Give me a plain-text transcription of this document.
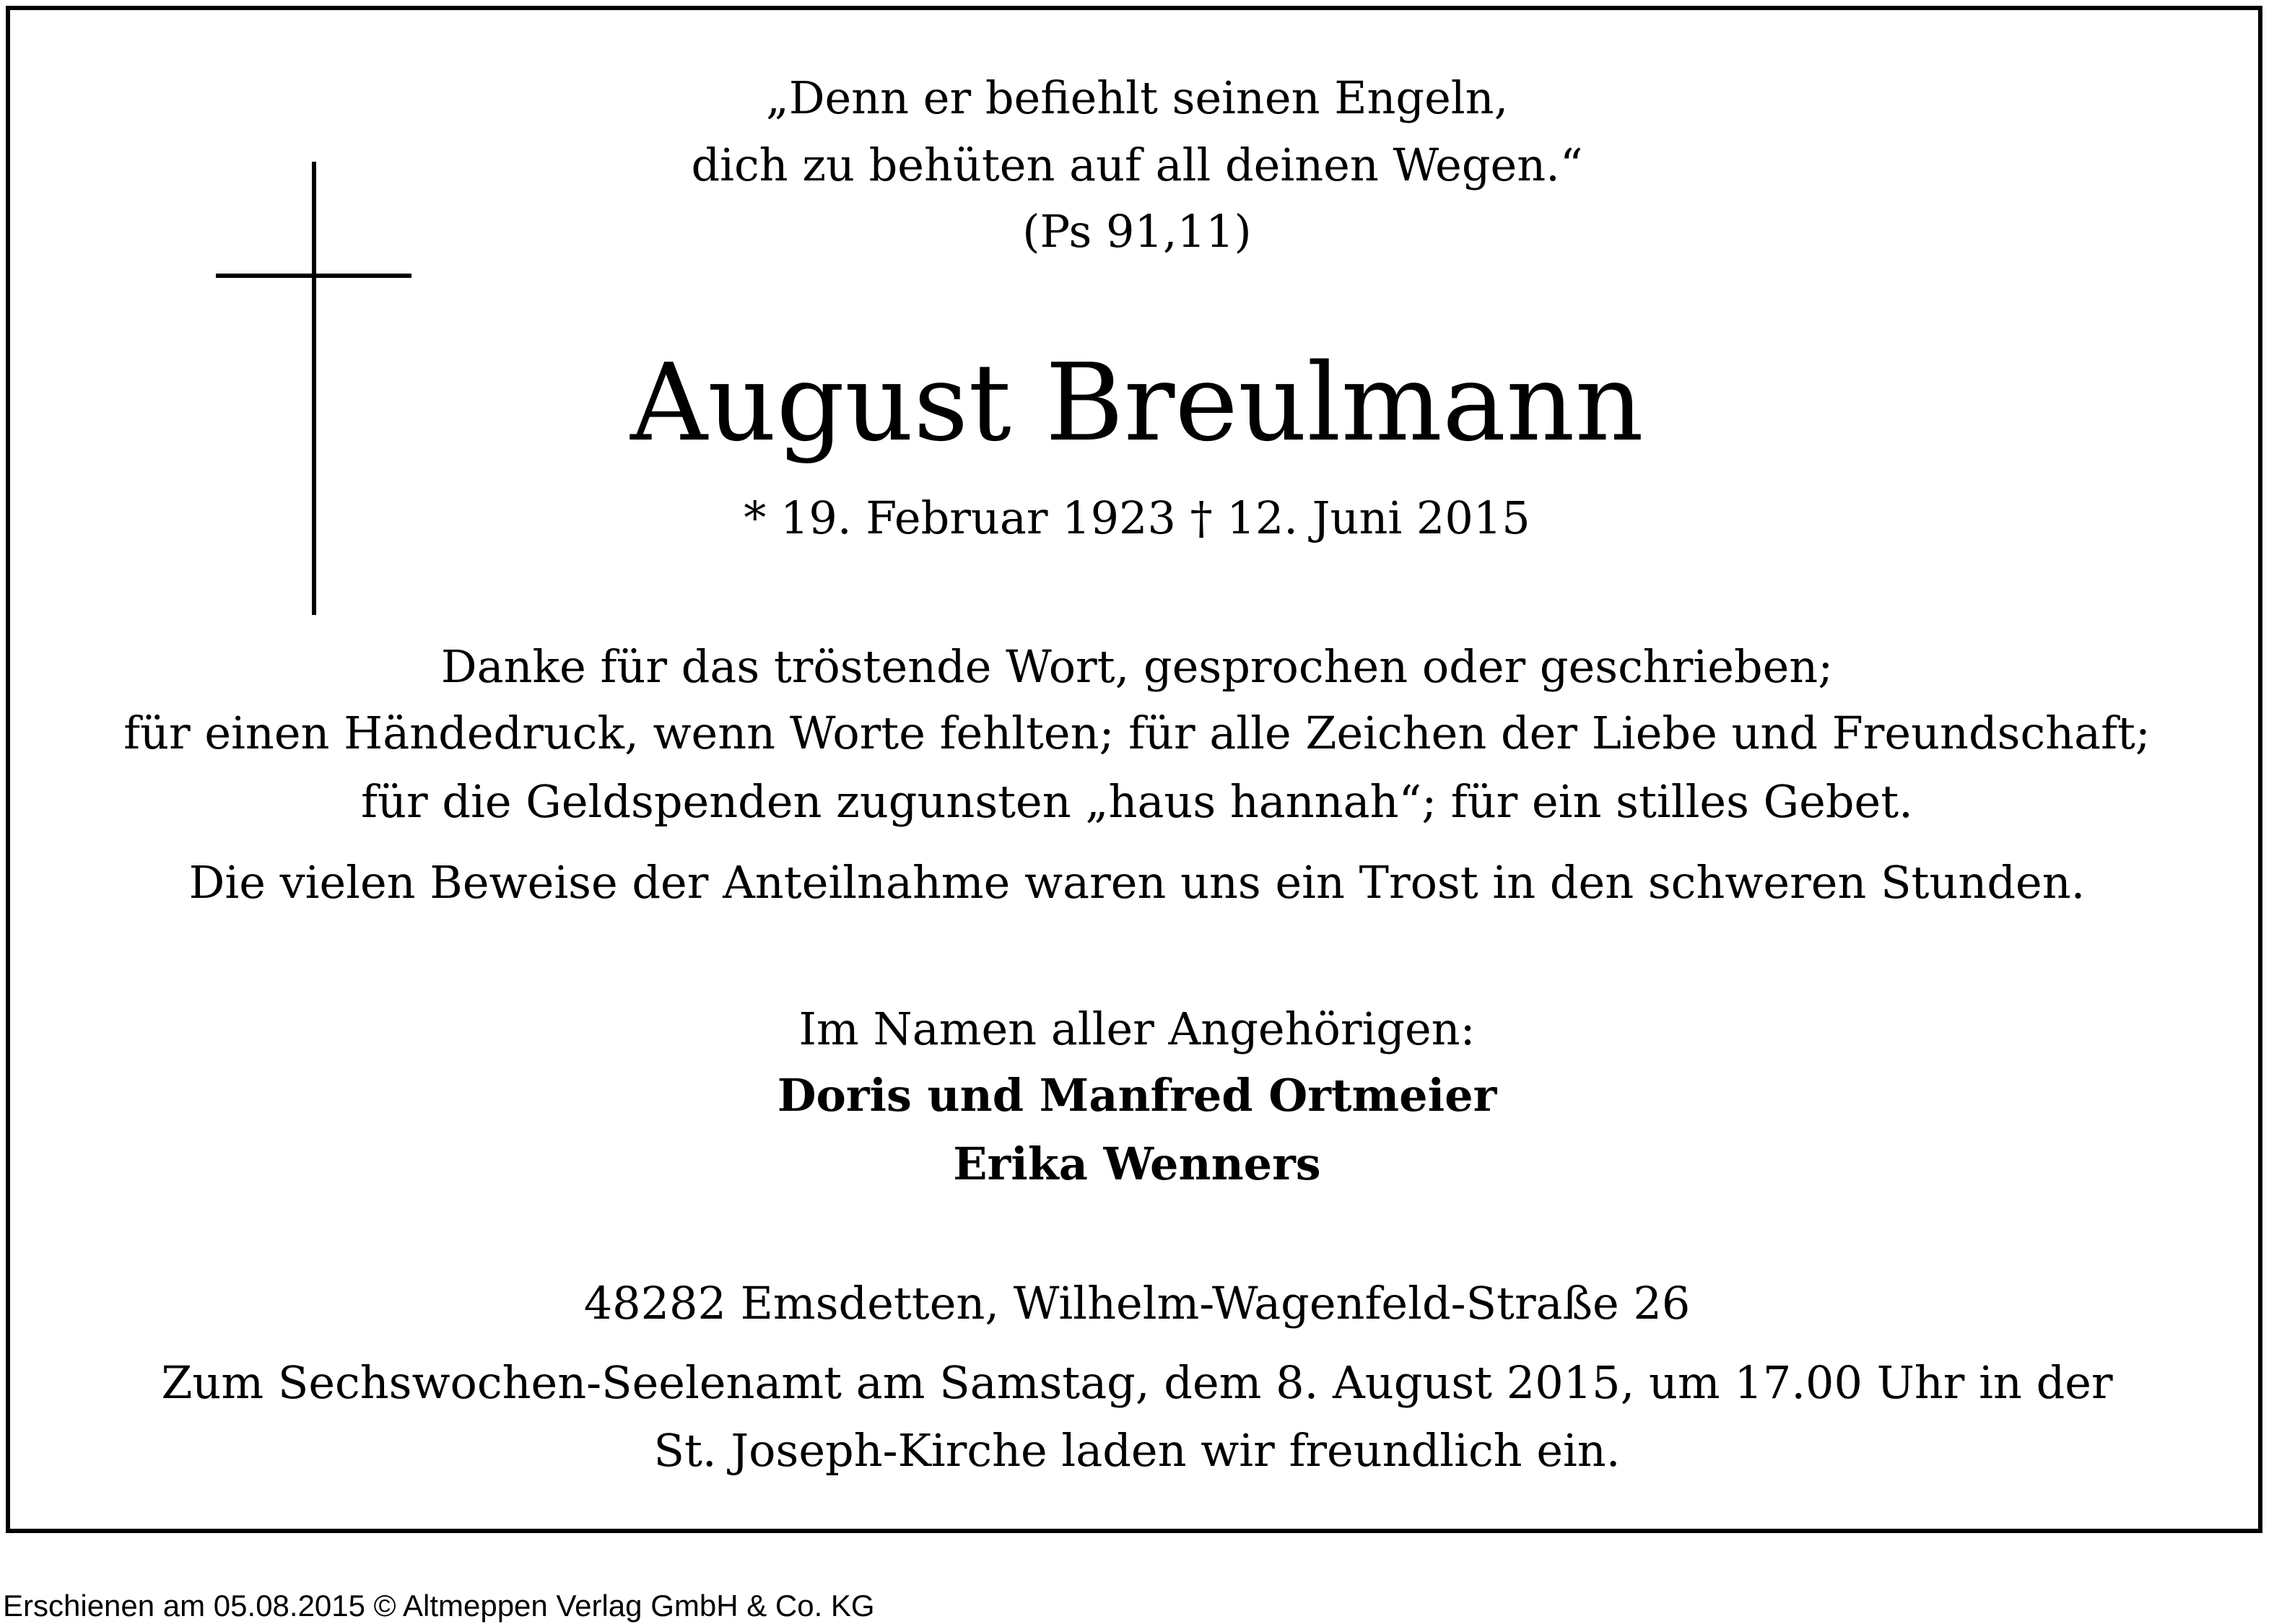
„Denn er befiehlt seinen Engeln,
dich zu behüten auf all deinen Wegen.“
(Ps 91,11)
August Breulmann
* 19. Februar 1923 † 12. Juni 2015
Danke für das tröstende Wort, gesprochen oder geschrieben;
für einen Händedruck, wenn Worte fehlten; für alle Zeichen der Liebe und Freundschaft;
für die Geldspenden zugunsten „haus hannah“; für ein stilles Gebet.
Die vielen Beweise der Anteilnahme waren uns ein Trost in den schweren Stunden.
Im Namen aller Angehörigen:
Doris und Manfred Ortmeier
Erika Wenners
48282 Emsdetten, Wilhelm-Wagenfeld-Straße 26
Zum Sechswochen-Seelenamt am Samstag, dem 8. August 2015, um 17.00 Uhr in der
St. Joseph-Kirche laden wir freundlich ein.
Erschienen am 05.08.2015 © Altmeppen Verlag GmbH & Co. KG
